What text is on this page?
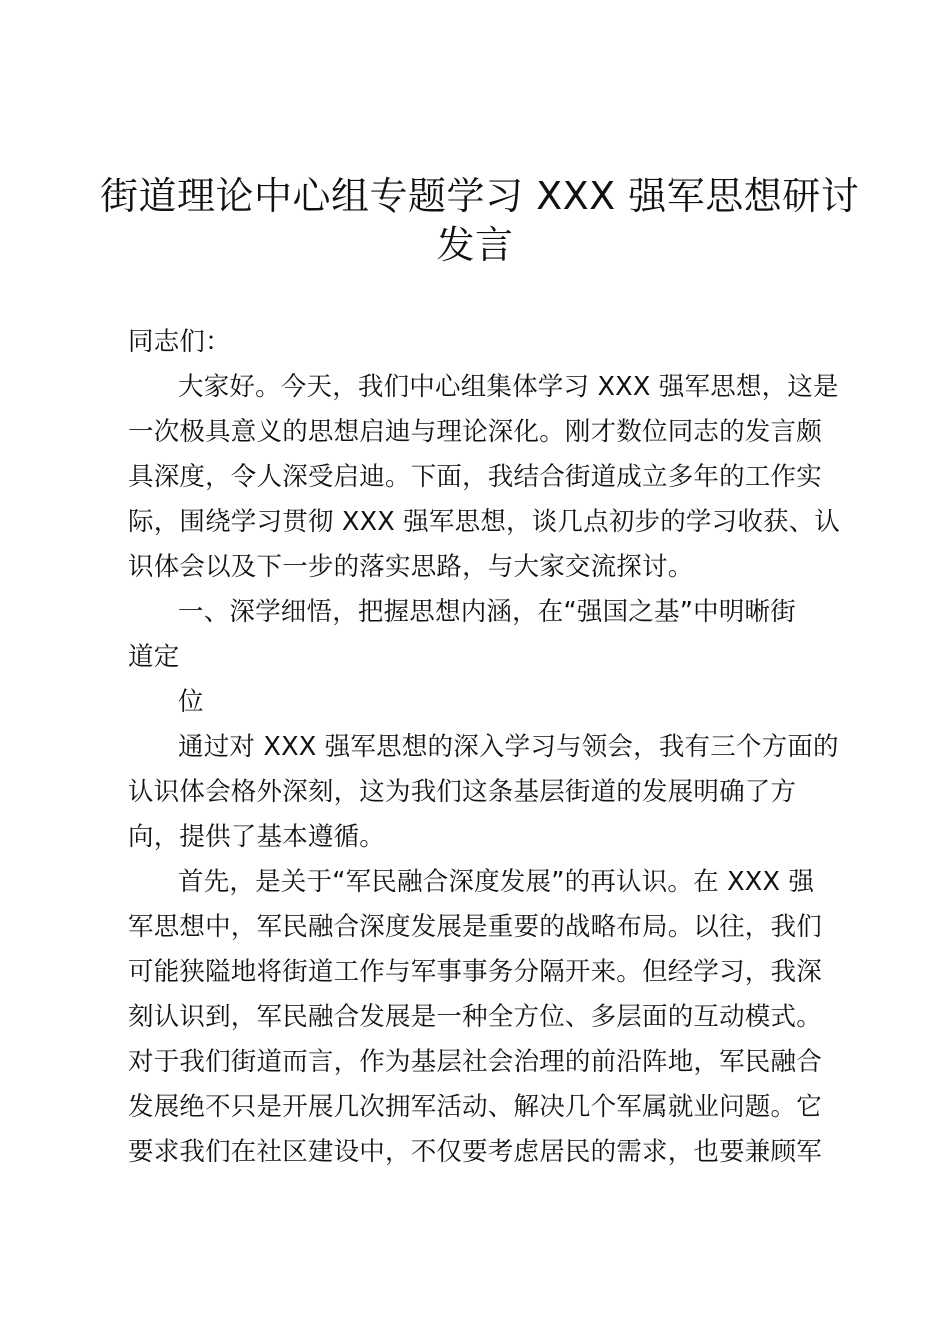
街道理论中心组专题学习 XXX 强军思想研讨
发言

同志们：

大家好。今天，我们中心组集体学习 XXX 强军思想，这是

一次极具意义的思想启迪与理论深化。刚才数位同志的发言颇

具深度，令人深受启迪。下面，我结合街道成立多年的工作实

际，围绕学习贯彻 XXX 强军思想，谈几点初步的学习收获、认

识体会以及下一步的落实思路，与大家交流探讨。

一、深学细悟，把握思想内涵，在“强国之基”中明晰街

道定

位

通过对 XXX 强军思想的深入学习与领会，我有三个方面的

认识体会格外深刻，这为我们这条基层街道的发展明确了方

向，提供了基本遵循。

首先，是关于“军民融合深度发展”的再认识。在 XXX 强

军思想中，军民融合深度发展是重要的战略布局。以往，我们

可能狭隘地将街道工作与军事事务分隔开来。但经学习，我深

刻认识到，军民融合发展是一种全方位、多层面的互动模式。

对于我们街道而言，作为基层社会治理的前沿阵地，军民融合

发展绝不只是开展几次拥军活动、解决几个军属就业问题。它

要求我们在社区建设中，不仅要考虑居民的需求，也要兼顾军
